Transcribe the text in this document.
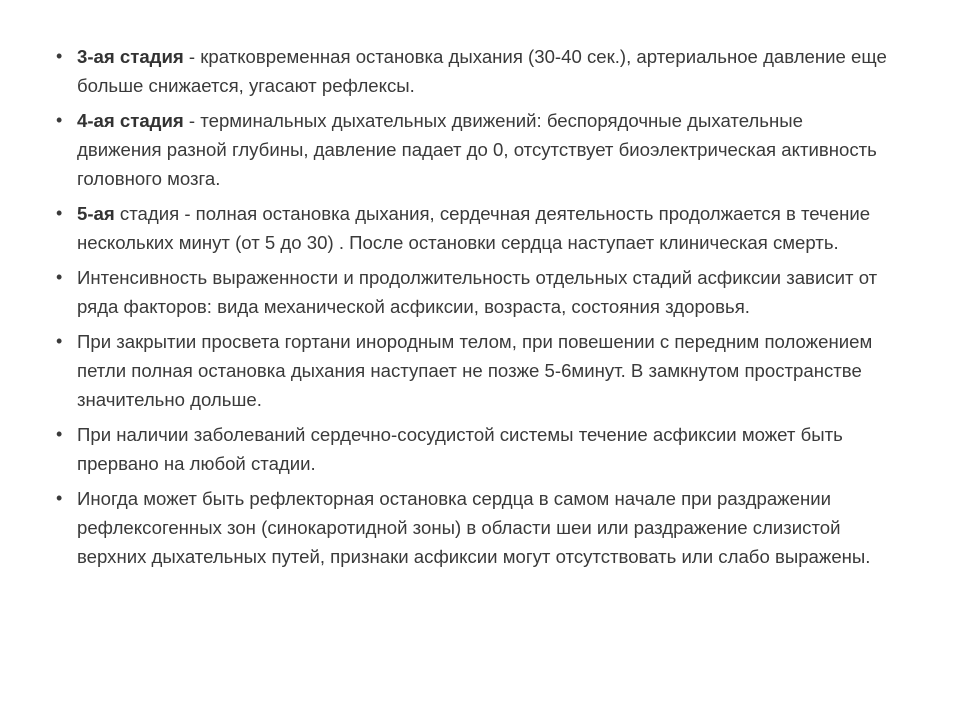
• 3-ая стадия - кратковременная остановка дыхания (30-40 сек.), артериальное давление еще больше снижается, угасают рефлексы.
• 4-ая стадия - терминальных дыхательных движений: беспорядочные дыхательные движения разной глубины, давление падает до 0, отсутствует биоэлектрическая активность головного мозга.
• 5-ая стадия - полная остановка дыхания, сердечная деятельность продолжается в течение нескольких минут (от 5 до 30) . После остановки сердца наступает клиническая смерть.
• Интенсивность выраженности и продолжительность отдельных стадий асфиксии зависит от ряда факторов: вида механической асфиксии, возраста, состояния здоровья.
• При закрытии просвета гортани инородным телом, при повешении с передним положением петли полная остановка дыхания наступает не позже 5-6минут. В замкнутом пространстве значительно дольше.
• При наличии заболеваний сердечно-сосудистой системы течение асфиксии может быть прервано на любой стадии.
• Иногда может быть рефлекторная остановка сердца в самом начале при раздражении рефлексогенных зон (синокаротидной зоны) в области шеи или раздражение слизистой верхних дыхательных путей, признаки асфиксии могут отсутствовать или слабо выражены.
